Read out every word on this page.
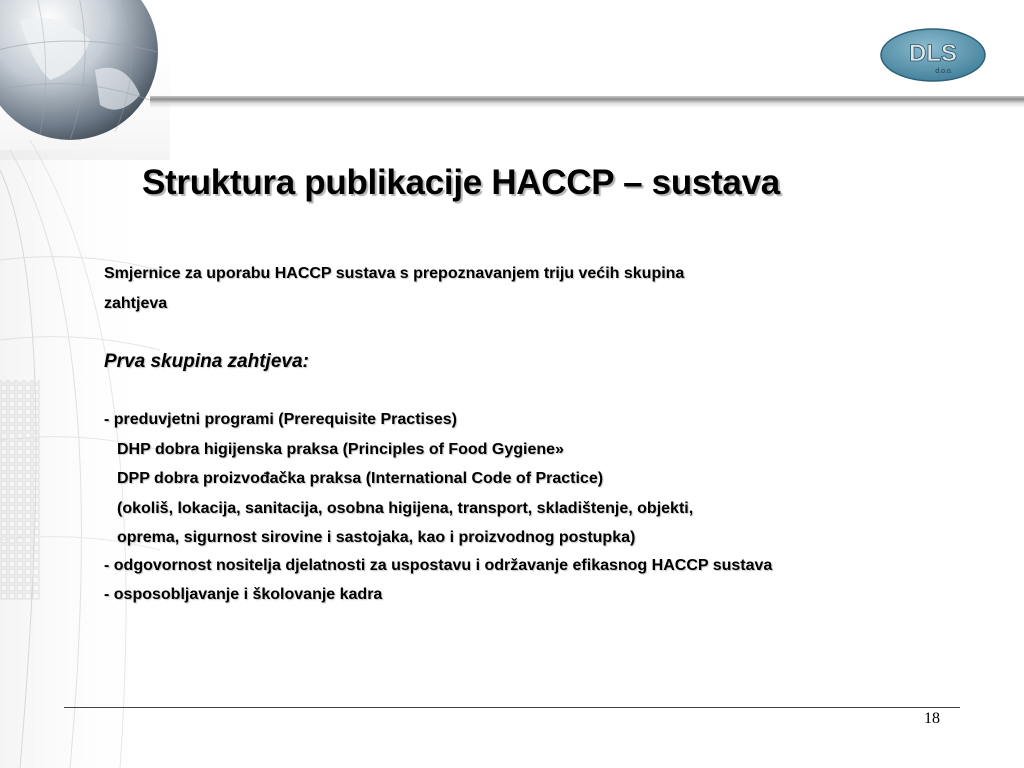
DLS
d.o.o.
Struktura publikacije HACCP – sustava

Smjernice za uporabu HACCP sustava s prepoznavanjem triju većih skupina

zahtjeva

Prva skupina zahtjeva:

- preduvjetni programi (Prerequisite Practises)

DHP dobra higijenska praksa (Principles of Food Gygiene»

DPP dobra proizvođačka praksa (International Code of Practice)

(okoliš, lokacija, sanitacija, osobna higijena, transport, skladištenje, objekti,

oprema, sigurnost sirovine i sastojaka, kao i proizvodnog postupka)

- odgovornost nositelja djelatnosti za uspostavu i održavanje efikasnog HACCP sustava

- osposobljavanje i školovanje kadra

18
